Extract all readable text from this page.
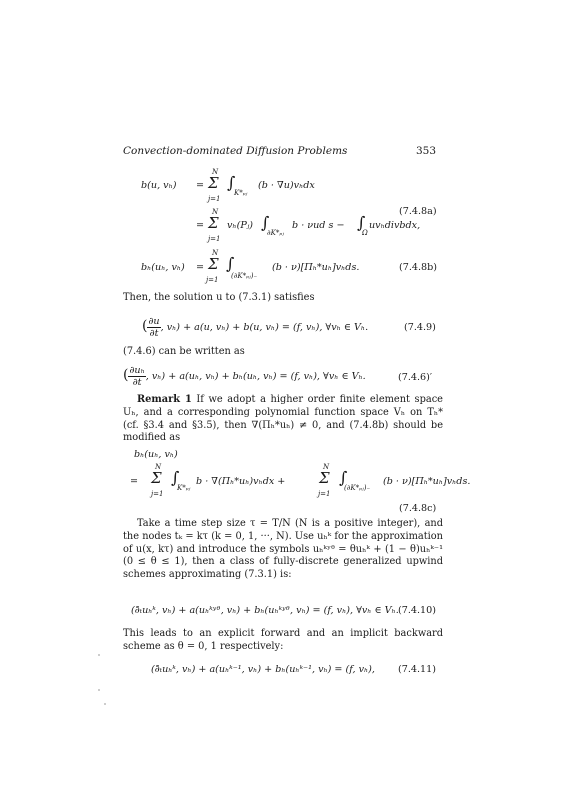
Convection-dominated Diffusion Problems	353
b(u, vₕ) =
N
Σ
j=1
∫
K*ₚⱼ
(b · ∇u)vₕdx
(7.4.8a)
=
N
Σ
j=1
vₕ(Pⱼ) ∫
∂K*ₚⱼ
b · νud s − ∫
Ω
uvₕdivbdx,
bₕ(uₕ, vₕ) =
N
Σ
j=1
∫
(∂K*ₚⱼ)₋
(b · ν)[Πₕ*uₕ]vₕds.	(7.4.8b)
Then, the solution u to (7.3.1) satisfies
( $\frac{\partial u}{\partial t}$ , vₕ) + a(u, vₕ) + b(u, vₕ) = (f, vₕ), ∀vₕ ∈ Vₕ.	(7.4.9)
(7.4.6) can be written as
( $\frac{\text{∂uₕ}}{\partial t}$ , vₕ) + a(uₕ, vₕ) + bₕ(uₕ, vₕ) = (f, vₕ), ∀vₕ ∈ Vₕ.	(7.4.6)′
Remark 1 If we adopt a higher order finite element space Uₕ, and a corresponding polynomial function space Vₕ on Tₕ* (cf. §3.4 and §3.5), then ∇(Πₕ*uₕ) ≠ 0, and (7.4.8b) should be modified as
bₕ(uₕ, vₕ)
=
N
Σ
j=1
∫
K*ₚⱼ
b · ∇(Πₕ*uₕ)vₕdx +
N
Σ
j=1
∫
(∂K*ₚⱼ)₋
(b · ν)[Πₕ*uₕ]vₕds.
(7.4.8c)
Take a time step size τ = T/N (N is a positive integer), and the nodes tₖ = kτ (k = 0, 1, ···, N). Use uₕᵏ for the approximation of u(x, kτ) and introduce the symbols uₕᵏʸᶿ = θuₕᵏ + (1 − θ)uₕᵏ⁻¹ (0 ≤ θ ≤ 1), then a class of fully-discrete generalized upwind schemes approximating (7.3.1) is:
(∂̄ₜuₕᵏ, vₕ) + a(uₕᵏʸᶿ, vₕ) + bₕ(uₕᵏʸᶿ, vₕ) = (f, vₕ), ∀vₕ ∈ Vₕ. (7.4.10)
This leads to an explicit forward and an implicit backward scheme as θ = 0, 1 respectively:
(∂̄ₜuₕᵏ, vₕ) + a(uₕᵏ⁻¹, vₕ) + bₕ(uₕᵏ⁻¹, vₕ) = (f, vₕ), (7.4.11)
